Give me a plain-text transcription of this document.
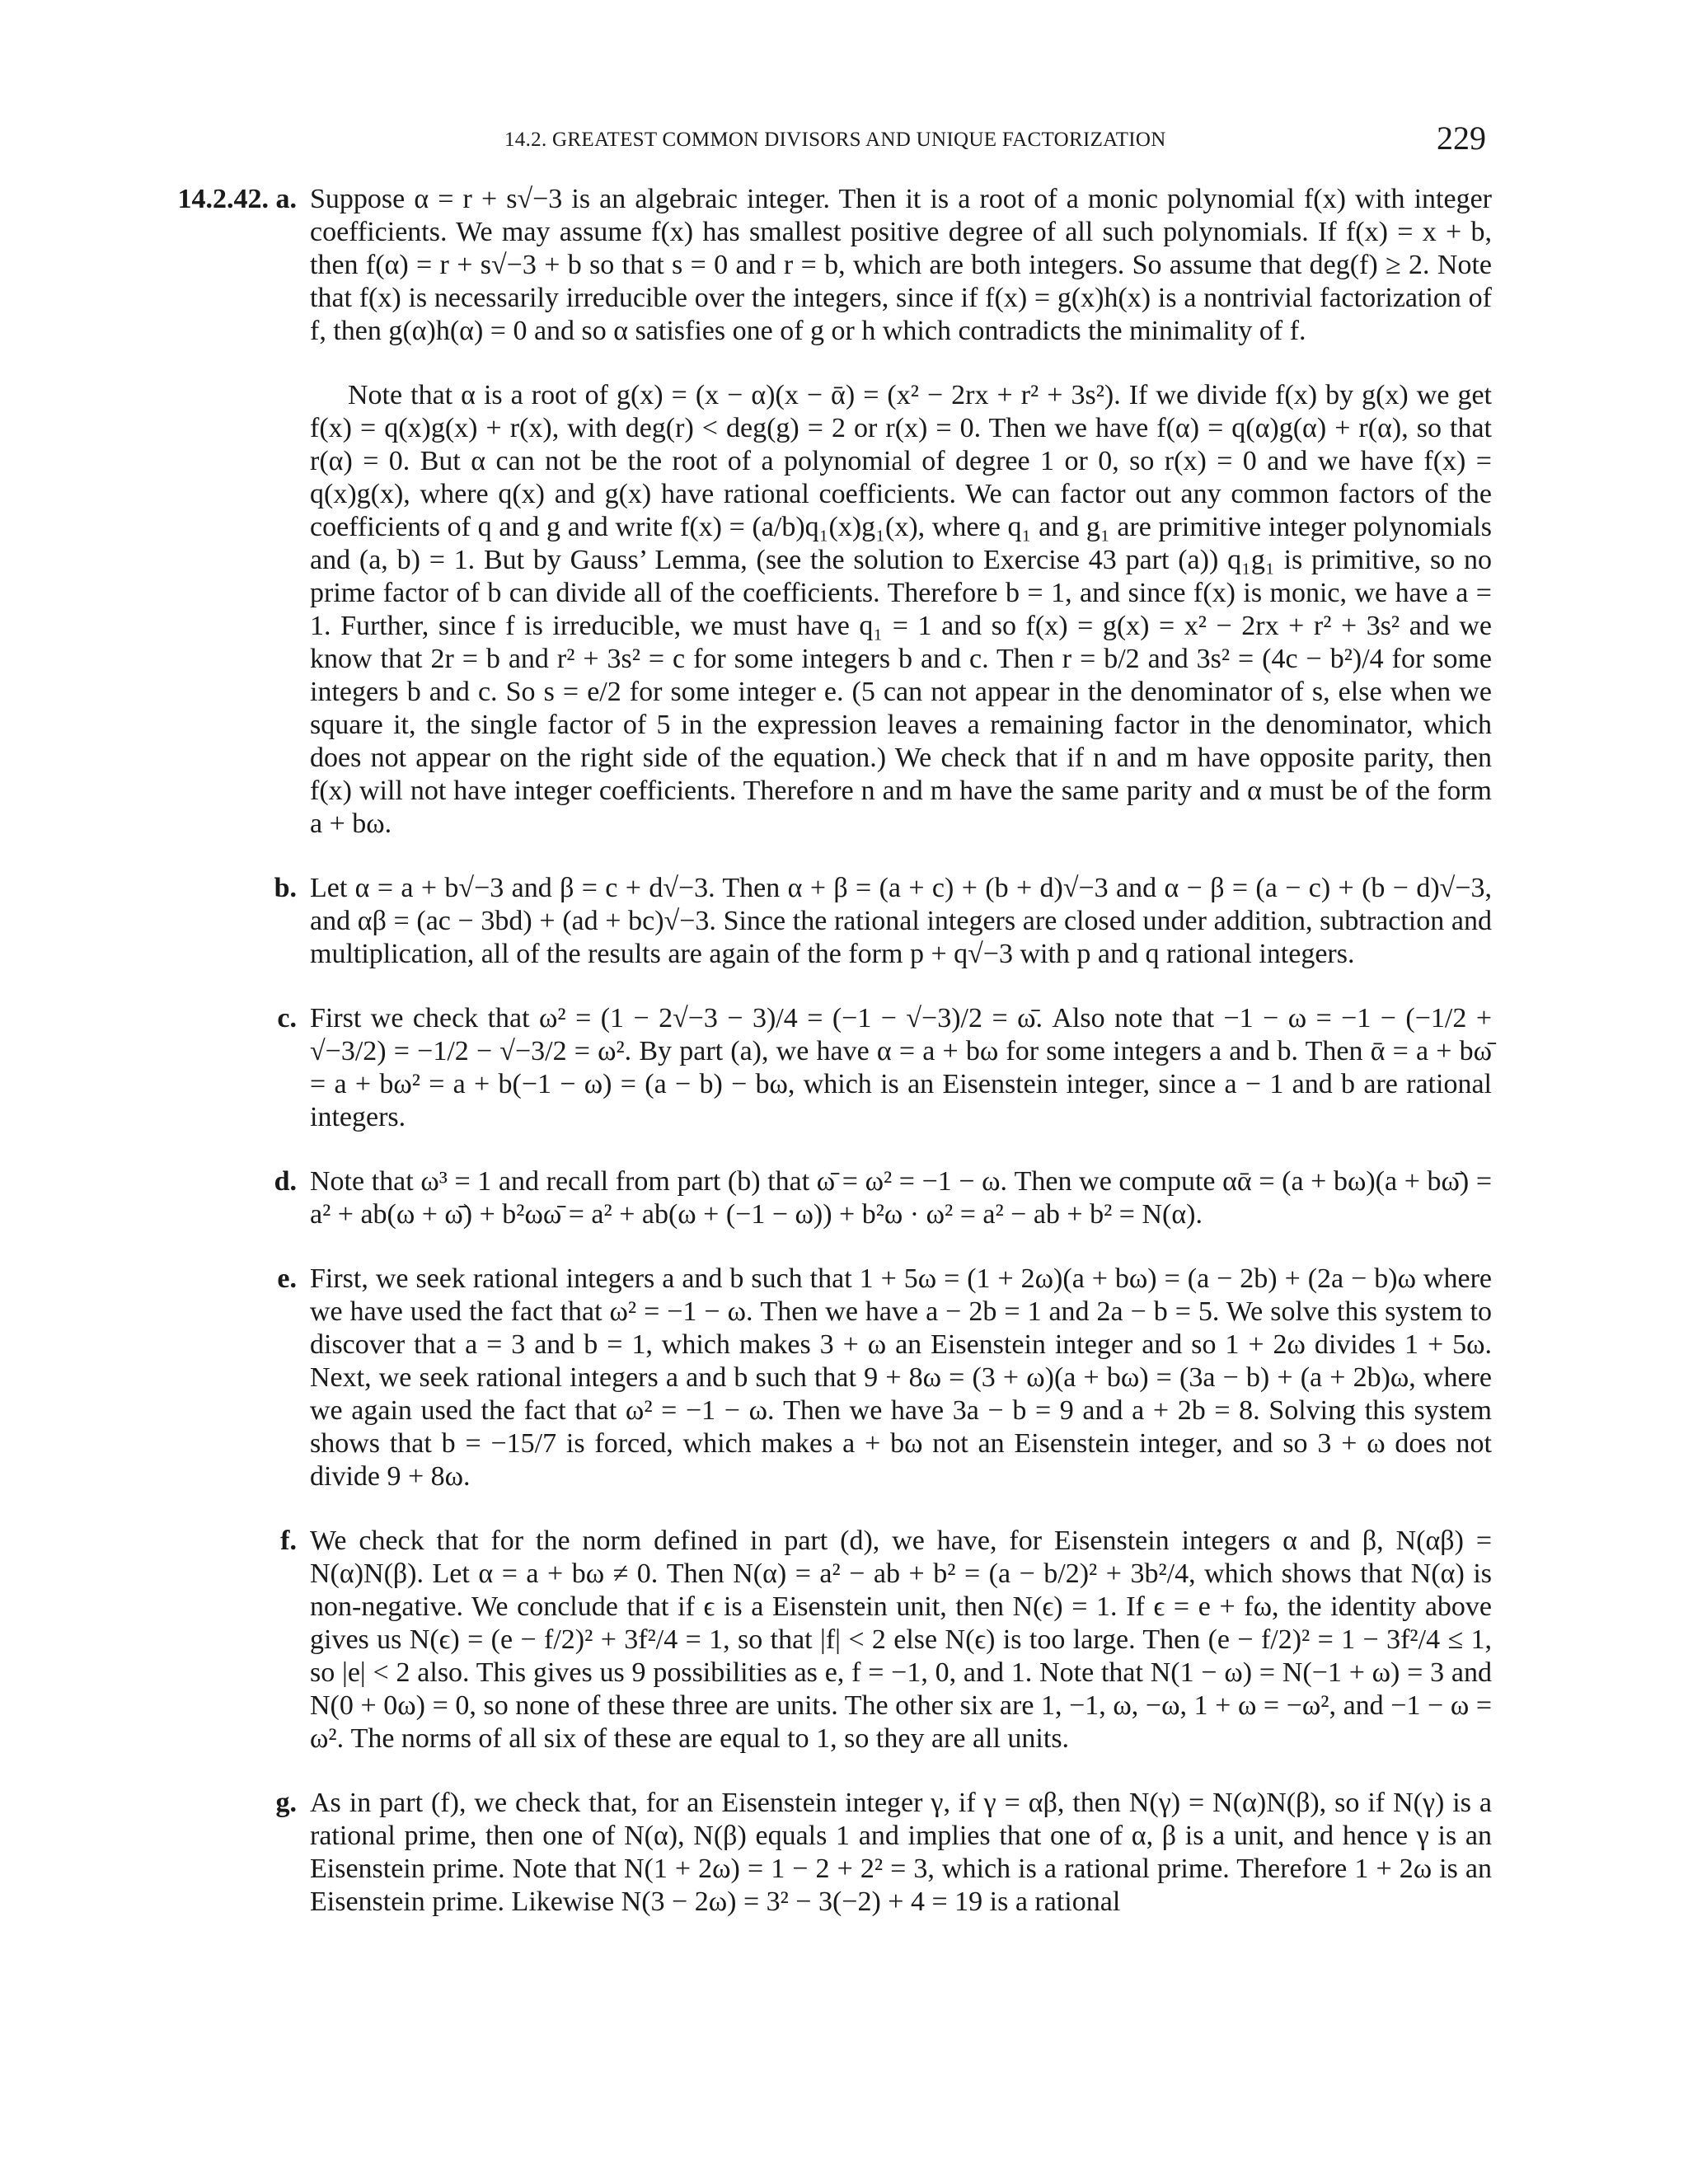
14.2. GREATEST COMMON DIVISORS AND UNIQUE FACTORIZATION	229
14.2.42. a. Suppose α = r + s√−3 is an algebraic integer. Then it is a root of a monic polynomial f(x) with integer coefficients. We may assume f(x) has smallest positive degree of all such polynomials. If f(x) = x + b, then f(α) = r + s√−3 + b so that s = 0 and r = b, which are both integers. So assume that deg(f) ≥ 2. Note that f(x) is necessarily irreducible over the integers, since if f(x) = g(x)h(x) is a nontrivial factorization of f, then g(α)h(α) = 0 and so α satisfies one of g or h which contradicts the minimality of f.

Note that α is a root of g(x) = (x − α)(x − ᾱ) = (x² − 2rx + r² + 3s²). If we divide f(x) by g(x) we get f(x) = q(x)g(x) + r(x), with deg(r) < deg(g) = 2 or r(x) = 0. Then we have f(α) = q(α)g(α) + r(α), so that r(α) = 0. But α can not be the root of a polynomial of degree 1 or 0, so r(x) = 0 and we have f(x) = q(x)g(x), where q(x) and g(x) have rational coefficients. We can factor out any common factors of the coefficients of q and g and write f(x) = (a/b)q₁(x)g₁(x), where q₁ and g₁ are primitive integer polynomials and (a, b) = 1. But by Gauss’ Lemma, (see the solution to Exercise 43 part (a)) q₁g₁ is primitive, so no prime factor of b can divide all of the coefficients. Therefore b = 1, and since f(x) is monic, we have a = 1. Further, since f is irreducible, we must have q₁ = 1 and so f(x) = g(x) = x² − 2rx + r² + 3s² and we know that 2r = b and r² + 3s² = c for some integers b and c. Then r = b/2 and 3s² = (4c − b²)/4 for some integers b and c. So s = e/2 for some integer e. (5 can not appear in the denominator of s, else when we square it, the single factor of 5 in the expression leaves a remaining factor in the denominator, which does not appear on the right side of the equation.) We check that if n and m have opposite parity, then f(x) will not have integer coefficients. Therefore n and m have the same parity and α must be of the form a + bω.

b. Let α = a + b√−3 and β = c + d√−3. Then α + β = (a + c) + (b + d)√−3 and α − β = (a − c) + (b − d)√−3, and αβ = (ac − 3bd) + (ad + bc)√−3. Since the rational integers are closed under addition, subtraction and multiplication, all of the results are again of the form p + q√−3 with p and q rational integers.

c. First we check that ω² = (1 − 2√−3 − 3)/4 = (−1 − √−3)/2 = ω̄. Also note that −1 − ω = −1 − (−1/2 + √−3/2) = −1/2 − √−3/2 = ω². By part (a), we have α = a + bω for some integers a and b. Then ᾱ = a + bω̄ = a + bω² = a + b(−1 − ω) = (a − b) − bω, which is an Eisenstein integer, since a − 1 and b are rational integers.

d. Note that ω³ = 1 and recall from part (b) that ω̄ = ω² = −1 − ω. Then we compute αᾱ = (a + bω)(a + bω̄) = a² + ab(ω + ω̄) + b²ωω̄ = a² + ab(ω + (−1 − ω)) + b²ω · ω² = a² − ab + b² = N(α).

e. First, we seek rational integers a and b such that 1 + 5ω = (1 + 2ω)(a + bω) = (a − 2b) + (2a − b)ω where we have used the fact that ω² = −1 − ω. Then we have a − 2b = 1 and 2a − b = 5. We solve this system to discover that a = 3 and b = 1, which makes 3 + ω an Eisenstein integer and so 1 + 2ω divides 1 + 5ω. Next, we seek rational integers a and b such that 9 + 8ω = (3 + ω)(a + bω) = (3a − b) + (a + 2b)ω, where we again used the fact that ω² = −1 − ω. Then we have 3a − b = 9 and a + 2b = 8. Solving this system shows that b = −15/7 is forced, which makes a + bω not an Eisenstein integer, and so 3 + ω does not divide 9 + 8ω.

f. We check that for the norm defined in part (d), we have, for Eisenstein integers α and β, N(αβ) = N(α)N(β). Let α = a + bω ≠ 0. Then N(α) = a² − ab + b² = (a − b/2)² + 3b²/4, which shows that N(α) is non-negative. We conclude that if ϵ is a Eisenstein unit, then N(ϵ) = 1. If ϵ = e + fω, the identity above gives us N(ϵ) = (e − f/2)² + 3f²/4 = 1, so that |f| < 2 else N(ϵ) is too large. Then (e − f/2)² = 1 − 3f²/4 ≤ 1, so |e| < 2 also. This gives us 9 possibilities as e, f = −1, 0, and 1. Note that N(1 − ω) = N(−1 + ω) = 3 and N(0 + 0ω) = 0, so none of these three are units. The other six are 1, −1, ω, −ω, 1 + ω = −ω², and −1 − ω = ω². The norms of all six of these are equal to 1, so they are all units.

g. As in part (f), we check that, for an Eisenstein integer γ, if γ = αβ, then N(γ) = N(α)N(β), so if N(γ) is a rational prime, then one of N(α), N(β) equals 1 and implies that one of α, β is a unit, and hence γ is an Eisenstein prime. Note that N(1 + 2ω) = 1 − 2 + 2² = 3, which is a rational prime. Therefore 1 + 2ω is an Eisenstein prime. Likewise N(3 − 2ω) = 3² − 3(−2) + 4 = 19 is a rational
